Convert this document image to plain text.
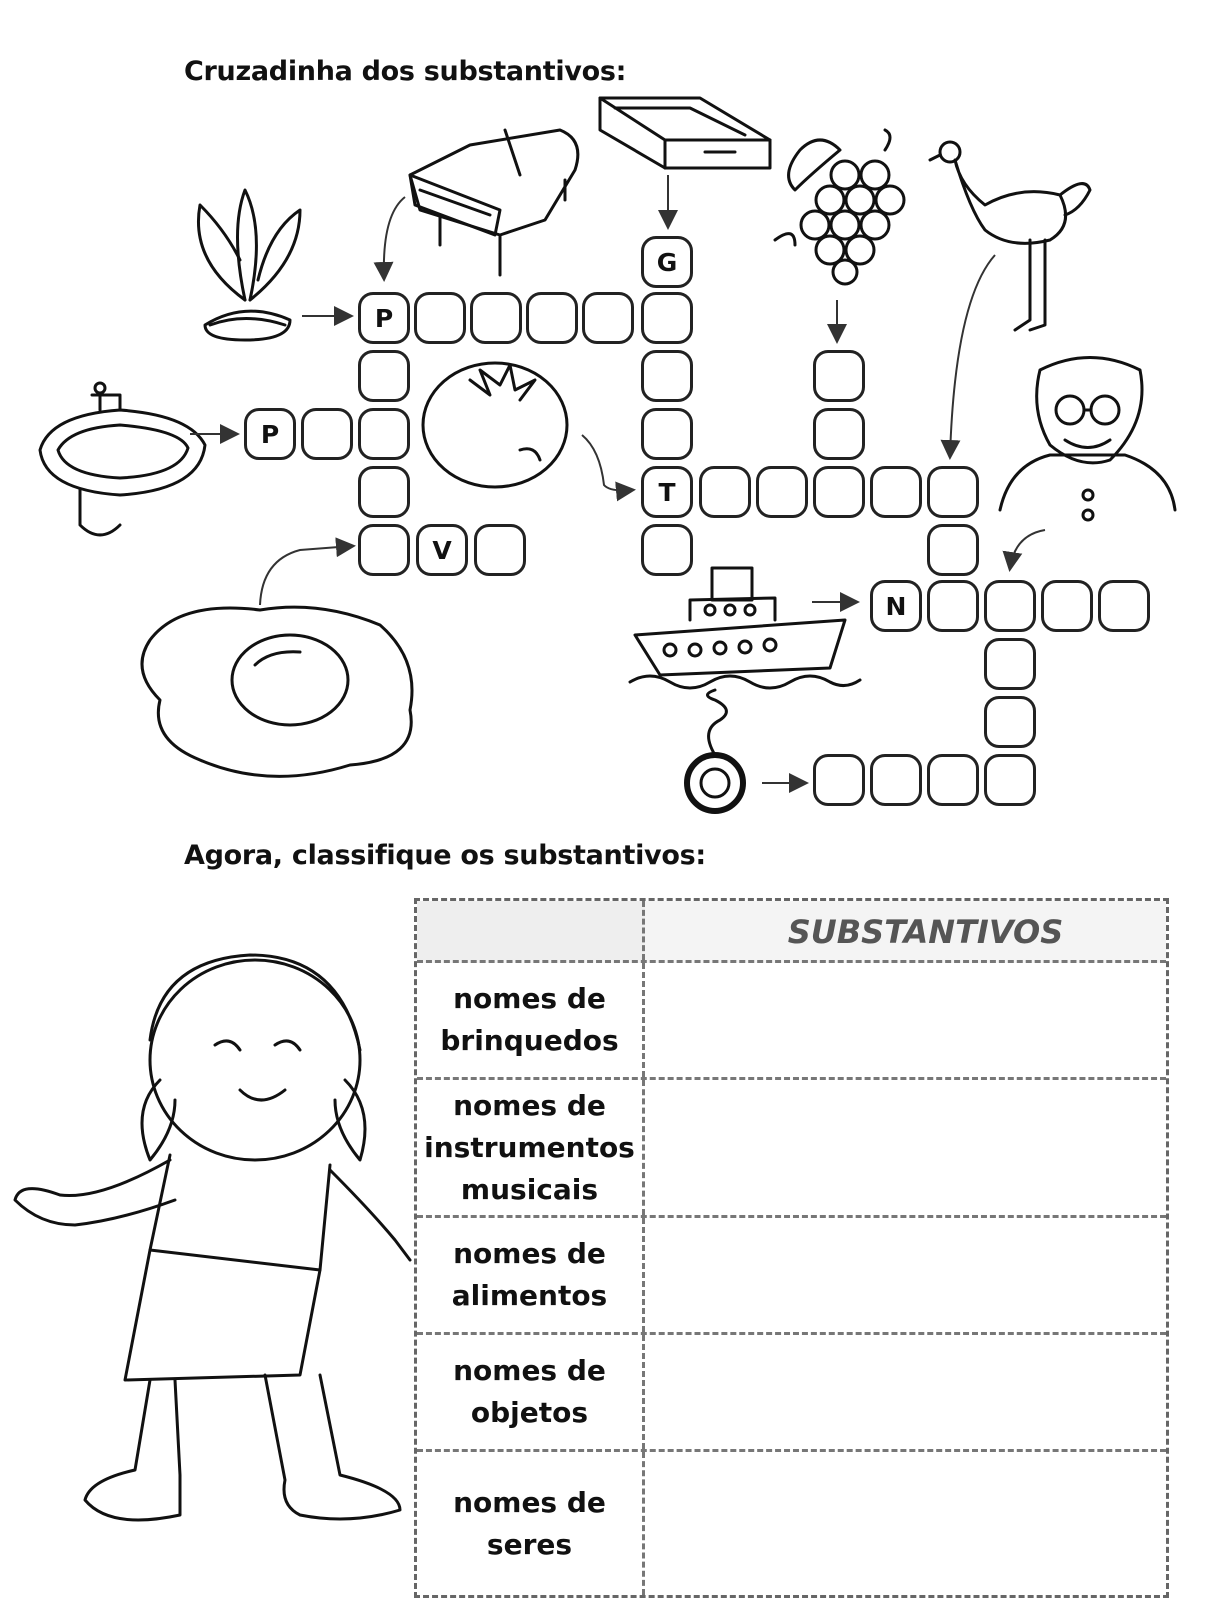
Cruzadinha dos substantivos:
P
G
T
P
V
N
Agora, classifique os substantivos:
SUBSTANTIVOS
nomes de
brinquedos
nomes de
instrumentos
musicais
nomes de
alimentos
nomes de
objetos
nomes de
seres
